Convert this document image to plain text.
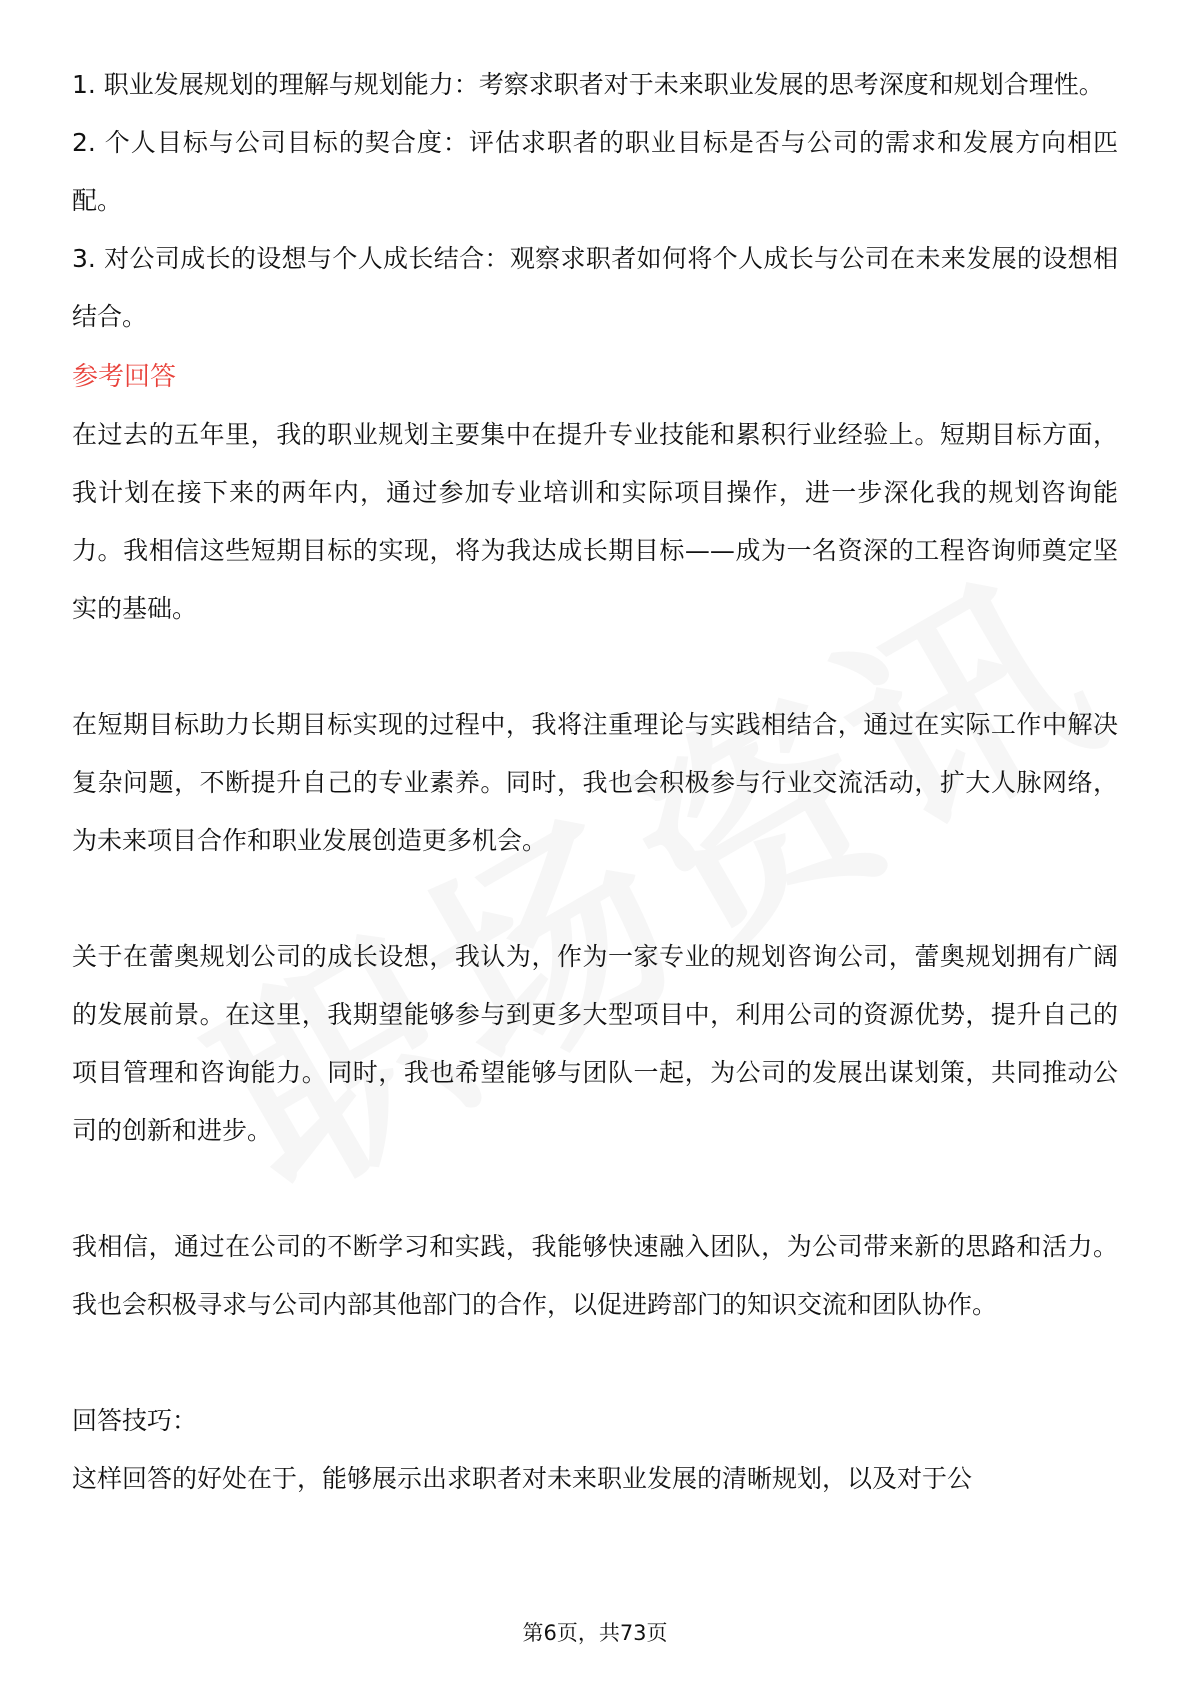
1. 职业发展规划的理解与规划能力：考察求职者对于未来职业发展的思考深度和规划合理性。

2. 个人目标与公司目标的契合度：评估求职者的职业目标是否与公司的需求和发展方向相匹配。

3. 对公司成长的设想与个人成长结合：观察求职者如何将个人成长与公司在未来发展的设想相结合。

参考回答

在过去的五年里，我的职业规划主要集中在提升专业技能和累积行业经验上。短期目标方面，我计划在接下来的两年内，通过参加专业培训和实际项目操作，进一步深化我的规划咨询能力。我相信这些短期目标的实现，将为我达成长期目标——成为一名资深的工程咨询师奠定坚实的基础。

在短期目标助力长期目标实现的过程中，我将注重理论与实践相结合，通过在实际工作中解决复杂问题，不断提升自己的专业素养。同时，我也会积极参与行业交流活动，扩大人脉网络，为未来项目合作和职业发展创造更多机会。

关于在蕾奥规划公司的成长设想，我认为，作为一家专业的规划咨询公司，蕾奥规划拥有广阔的发展前景。在这里，我期望能够参与到更多大型项目中，利用公司的资源优势，提升自己的项目管理和咨询能力。同时，我也希望能够与团队一起，为公司的发展出谋划策，共同推动公司的创新和进步。

我相信，通过在公司的不断学习和实践，我能够快速融入团队，为公司带来新的思路和活力。我也会积极寻求与公司内部其他部门的合作，以促进跨部门的知识交流和团队协作。

回答技巧：

这样回答的好处在于，能够展示出求职者对未来职业发展的清晰规划，以及对于公

第6页，共73页
